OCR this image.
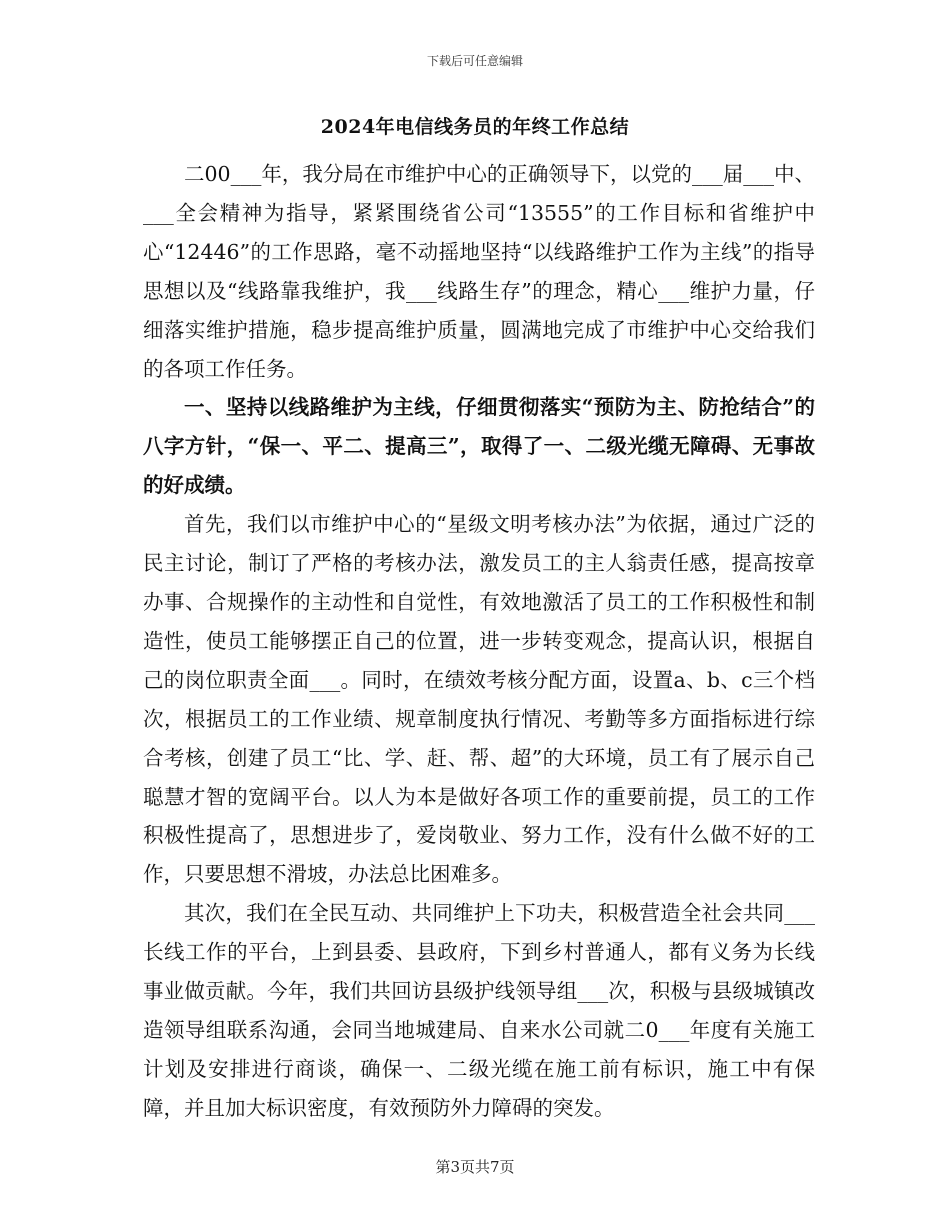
下载后可任意编辑
2024年电信线务员的年终工作总结

二00___年，我分局在市维护中心的正确领导下，以党的___届___中、___全会精神为指导，紧紧围绕省公司“13555”的工作目标和省维护中心“12446”的工作思路，毫不动摇地坚持“以线路维护工作为主线”的指导思想以及“线路靠我维护，我___线路生存”的理念，精心___维护力量，仔细落实维护措施，稳步提高维护质量，圆满地完成了市维护中心交给我们的各项工作任务。

一、坚持以线路维护为主线，仔细贯彻落实“预防为主、防抢结合”的八字方针，“保一、平二、提高三”，取得了一、二级光缆无障碍、无事故的好成绩。

首先，我们以市维护中心的“星级文明考核办法”为依据，通过广泛的民主讨论，制订了严格的考核办法，激发员工的主人翁责任感，提高按章办事、合规操作的主动性和自觉性，有效地激活了员工的工作积极性和制造性，使员工能够摆正自己的位置，进一步转变观念，提高认识，根据自己的岗位职责全面___。同时，在绩效考核分配方面，设置a、b、c三个档次，根据员工的工作业绩、规章制度执行情况、考勤等多方面指标进行综合考核，创建了员工“比、学、赶、帮、超”的大环境，员工有了展示自己聪慧才智的宽阔平台。以人为本是做好各项工作的重要前提，员工的工作积极性提高了，思想进步了，爱岗敬业、努力工作，没有什么做不好的工作，只要思想不滑坡，办法总比困难多。

其次，我们在全民互动、共同维护上下功夫，积极营造全社会共同___长线工作的平台，上到县委、县政府，下到乡村普通人，都有义务为长线事业做贡献。今年，我们共回访县级护线领导组___次，积极与县级城镇改造领导组联系沟通，会同当地城建局、自来水公司就二0___年度有关施工计划及安排进行商谈，确保一、二级光缆在施工前有标识，施工中有保障，并且加大标识密度，有效预防外力障碍的突发。

第3页共7页
